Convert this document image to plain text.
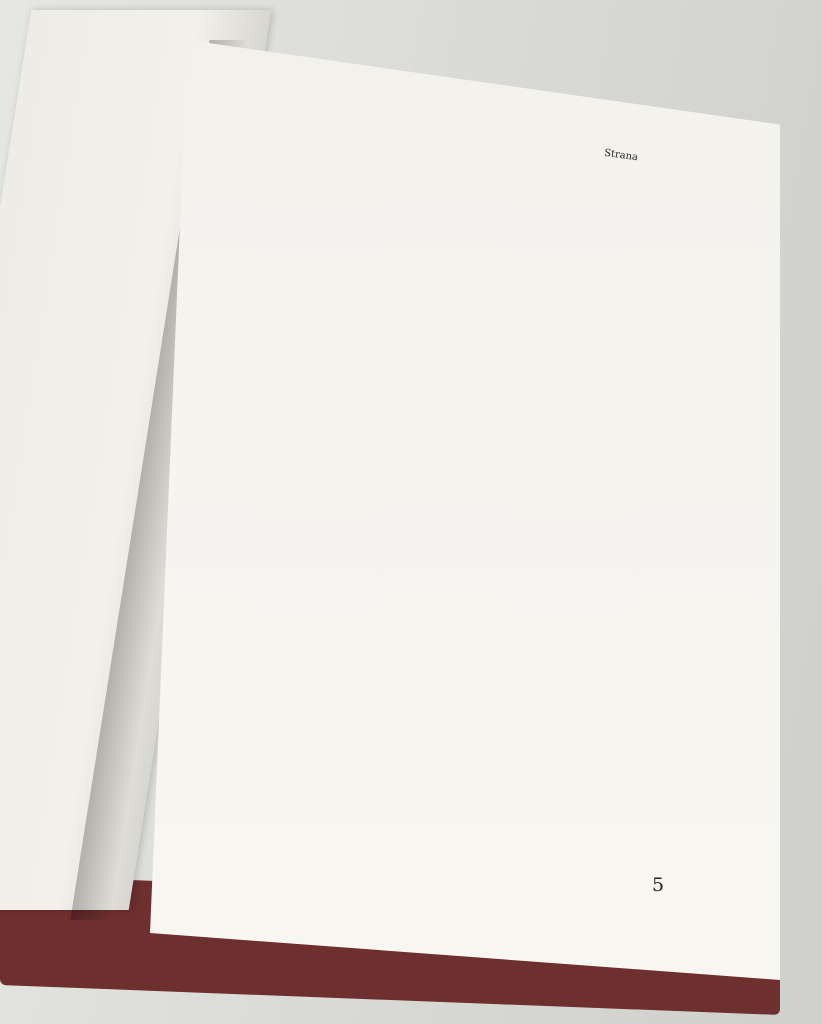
Strana
5
